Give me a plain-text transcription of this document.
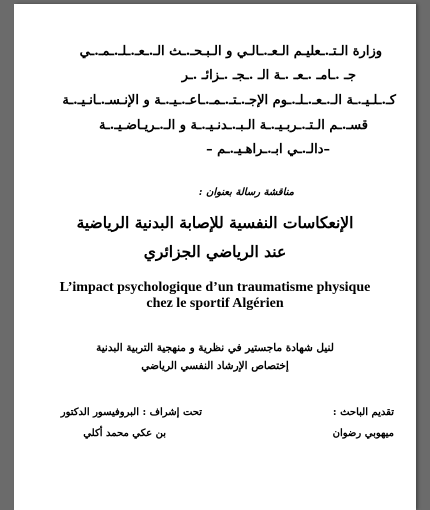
وزارة الـتـ.ـعليـم الـعـ.ـالـي و الـبـحـ.ـث الـ.ـعـ.ـلـ.ـمـ.ـي
جـ .ـامـ .ـعـ .ـة الـ .ـجـ .ـزائـ .ـر
كـ.ـلـيـ.ـة الـ.ـعـ.ـلـ.ـوم الإجـ.ـتـ.ـمـ.ـاعـ.ـيـ.ـة و الإنـسـ.ـانـيـ.ـة
قسـ.ـم الـتـ.ـربـيـ.ـة الـبـ.ـدنـيـ.ـة و الـ.ـريـاضـيـ.ـة
–دالـ.ـي ابـ.ـراهـيـ.ـم –
مناقشة رسالة بعنوان :
الإنعكاسات النفسية للإصابة البدنية الرياضية
عند الرياضي الجزائري
L’impact psychologique d’un traumatisme physique
chez le sportif Algérien
لنيل شهادة ماجستير في نظرية و منهجية التربية البدنية
إختصاص الإرشاد النفسي الرياضي
تقديم الباحث :
ميهوبي رضوان
تحت إشراف : البروفيسور الدكتور
بن عكي محمد أكلي
